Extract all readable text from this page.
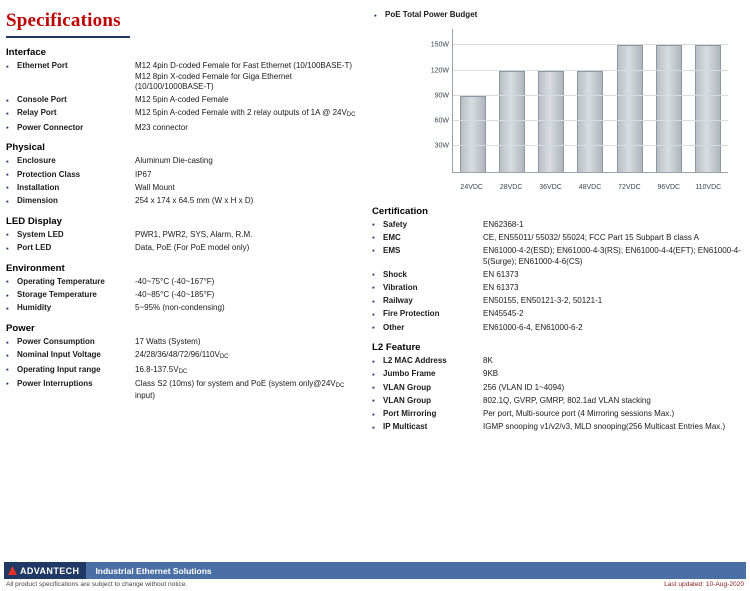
Specifications
Interface
▪
Ethernet Port	M12 4pin D-coded Female for Fast Ethernet (10/100BASE-T)
M12 8pin X-coded Female for Giga Ethernet (10/100/1000BASE-T)
▪
Console Port	M12 5pin A-coded Female
▪
Relay Port	M12 5pin A-coded Female with 2 relay outputs of 1A @ 24VDC
▪
Power Connector	M23 connector
Physical
▪
Enclosure	Aluminum Die-casting
▪
Protection Class	IP67
▪
Installation	Wall Mount
▪
Dimension	254 x 174 x 64.5 mm (W x H x D)
LED Display
▪
System LED	PWR1, PWR2, SYS, Alarm, R.M.
▪
Port LED	Data, PoE (For PoE model only)
Environment
▪
Operating Temperature	-40~75°C (-40~167°F)
▪
Storage Temperature	-40~85°C (-40~185°F)
▪
Humidity	5~95% (non-condensing)
Power
▪
Power Consumption	17 Watts (System)
▪
Nominal Input Voltage	24/28/36/48/72/96/110VDC
▪
Operating Input range	16.8-137.5VDC
▪
Power Interruptions	Class S2 (10ms) for system and PoE (system only@24VDC input)
▪
PoE Total Power Budget
30W
60W
90W
120W
150W
24VDC	28VDC	36VDC	48VDC	72VDC	96VDC	110VDC
Certification
▪
Safety	EN62368-1
▪
EMC	CE, EN55011/ 55032/ 55024; FCC Part 15 Subpart B class A
▪
EMS	EN61000-4-2(ESD); EN61000-4-3(RS); EN61000-4-4(EFT); EN61000-4-5(Surge); EN61000-4-6(CS)
▪
Shock	EN 61373
▪
Vibration	EN 61373
▪
Railway	EN50155, EN50121-3-2, 50121-1
▪
Fire Protection	EN45545-2
▪
Other	EN61000-6-4, EN61000-6-2
L2 Feature
▪
L2 MAC Address	8K
▪
Jumbo Frame	9KB
▪
VLAN Group	256 (VLAN ID 1~4094)
▪
VLAN Group	802.1Q, GVRP, GMRP, 802.1ad VLAN stacking
▪
Port Mirroring	Per port, Multi-source port (4 Mirroring sessions Max.)
▪
IP Multicast	IGMP snooping v1/v2/v3, MLD snooping(256 Multicast Entries Max.)
ADVANTECH	Industrial Ethernet Solutions
All product specifications are subject to change without notice.	Last updated: 10-Aug-2020
